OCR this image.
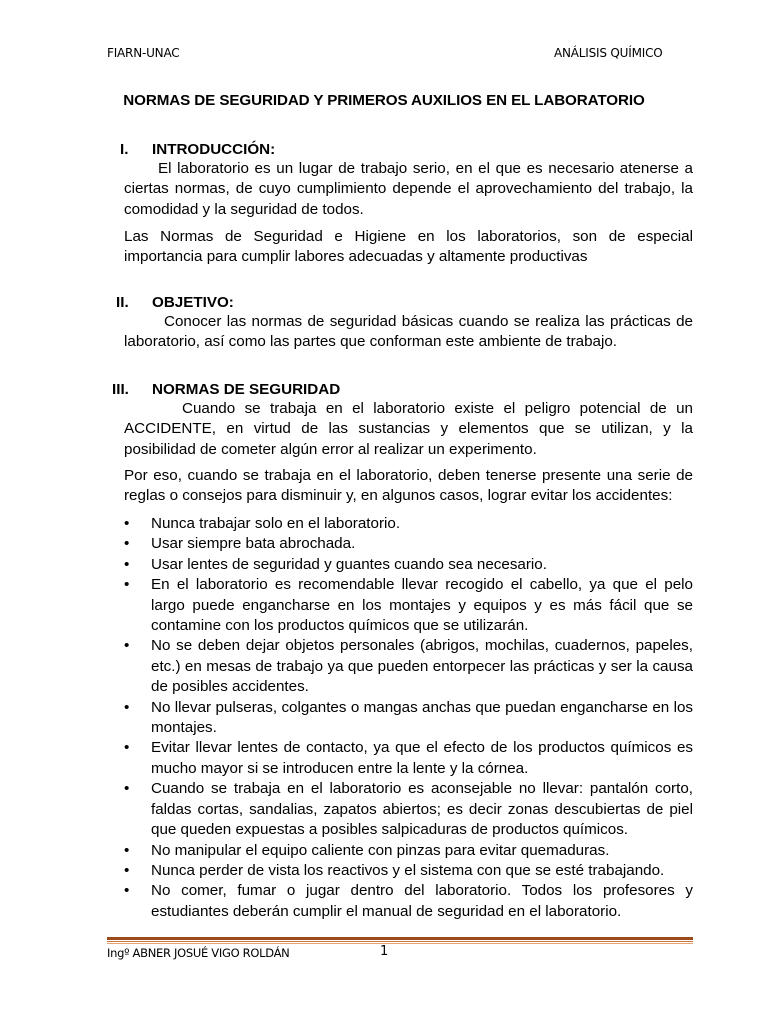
FIARN-UNAC	ANÁLISIS QUÍMICO
NORMAS DE SEGURIDAD Y PRIMEROS AUXILIOS EN EL LABORATORIO
I. INTRODUCCIÓN:
El laboratorio es un lugar de trabajo serio, en el que es necesario atenerse a ciertas normas, de cuyo cumplimiento depende el aprovechamiento del trabajo, la comodidad y la seguridad de todos.
Las Normas de Seguridad e Higiene en los laboratorios, son de especial importancia para cumplir labores adecuadas y altamente productivas
II. OBJETIVO:
Conocer las normas de seguridad básicas cuando se realiza las prácticas de laboratorio, así como las partes que conforman este ambiente de trabajo.
III. NORMAS DE SEGURIDAD
Cuando se trabaja en el laboratorio existe el peligro potencial de un ACCIDENTE, en virtud de las sustancias y elementos que se utilizan, y la posibilidad de cometer algún error al realizar un experimento.
Por eso, cuando se trabaja en el laboratorio, deben tenerse presente una serie de reglas o consejos para disminuir y, en algunos casos, lograr evitar los accidentes:
• Nunca trabajar solo en el laboratorio.
• Usar siempre bata abrochada.
• Usar lentes de seguridad y guantes cuando sea necesario.
• En el laboratorio es recomendable llevar recogido el cabello, ya que el pelo largo puede engancharse en los montajes y equipos y es más fácil que se contamine con los productos químicos que se utilizarán.
• No se deben dejar objetos personales (abrigos, mochilas, cuadernos, papeles, etc.) en mesas de trabajo ya que pueden entorpecer las prácticas y ser la causa de posibles accidentes.
• No llevar pulseras, colgantes o mangas anchas que puedan engancharse en los montajes.
• Evitar llevar lentes de contacto, ya que el efecto de los productos químicos es mucho mayor si se introducen entre la lente y la córnea.
• Cuando se trabaja en el laboratorio es aconsejable no llevar: pantalón corto, faldas cortas, sandalias, zapatos abiertos; es decir zonas descubiertas de piel que queden expuestas a posibles salpicaduras de productos químicos.
• No manipular el equipo caliente con pinzas para evitar quemaduras.
• Nunca perder de vista los reactivos y el sistema con que se esté trabajando.
• No comer, fumar o jugar dentro del laboratorio. Todos los profesores y estudiantes deberán cumplir el manual de seguridad en el laboratorio.
Ingº ABNER JOSUÉ VIGO ROLDÁN	1
